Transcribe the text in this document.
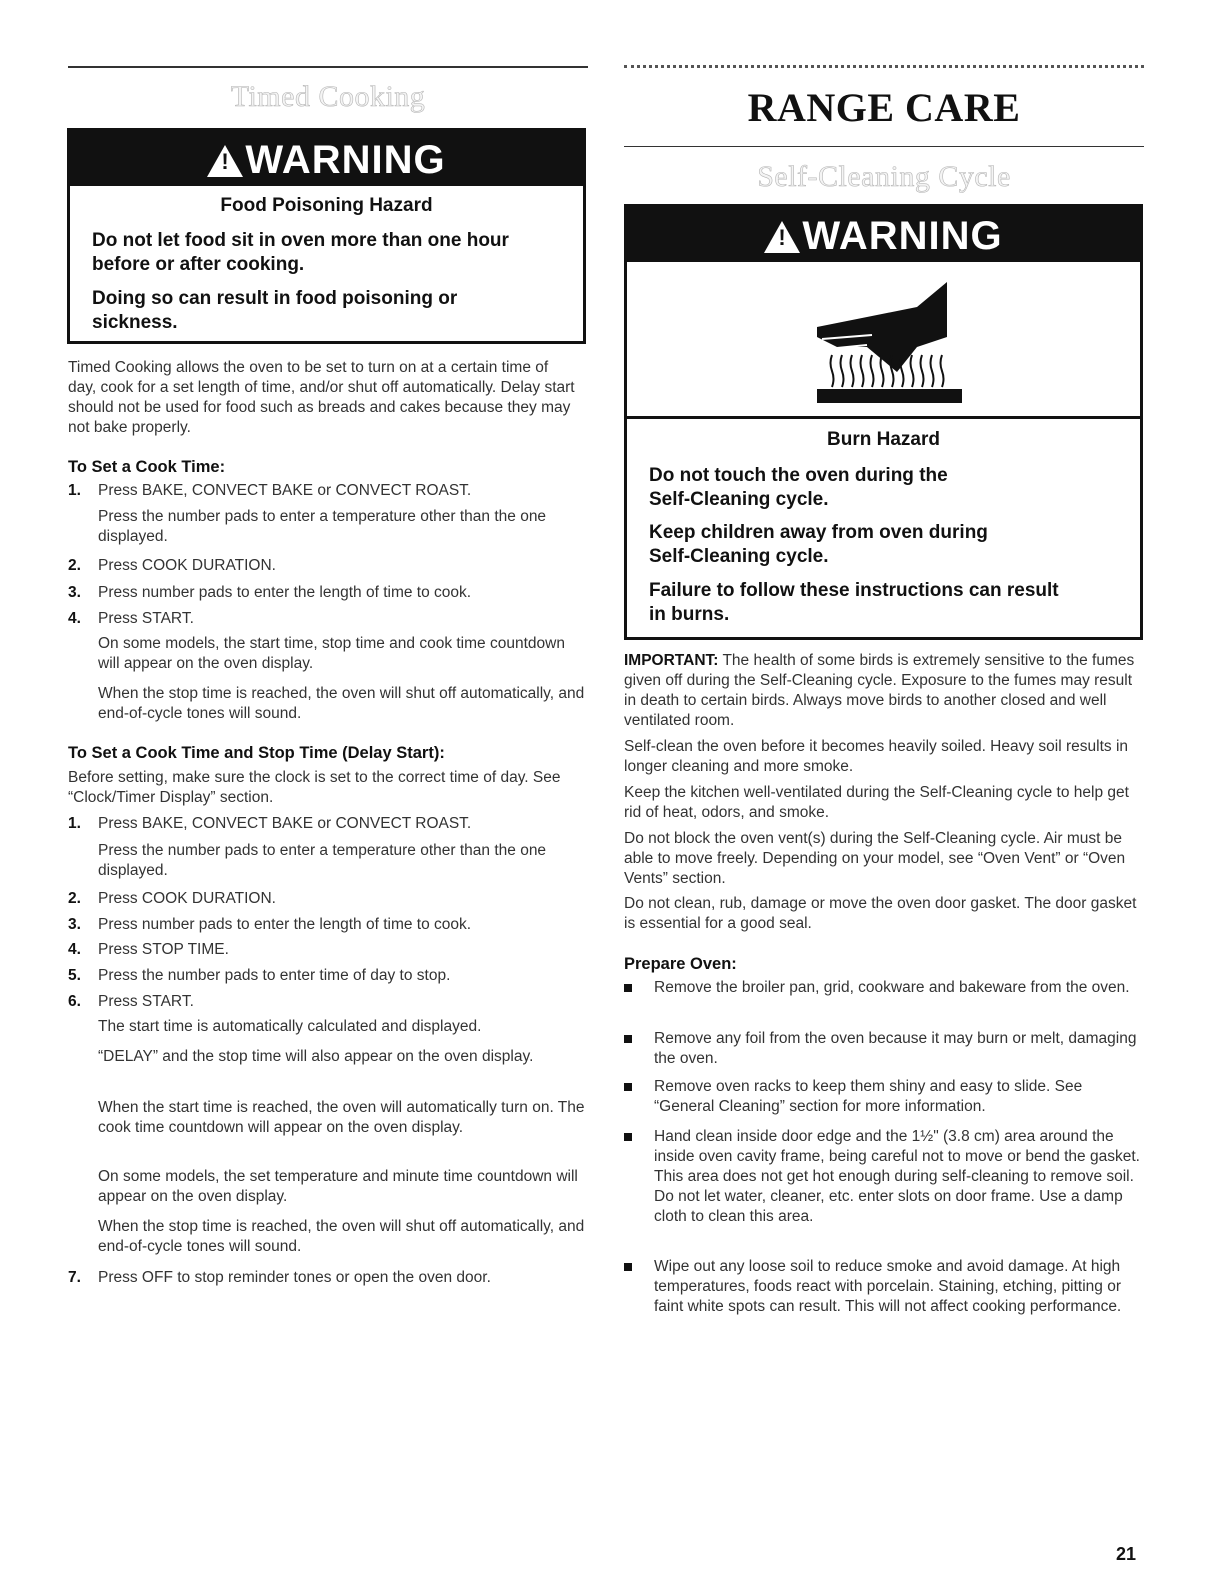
Timed Cooking
!WARNING
Food Poisoning Hazard
Do not let food sit in oven more than one hour
before or after cooking.
Doing so can result in food poisoning or
sickness.
Timed Cooking allows the oven to be set to turn on at a certain time of day, cook for a set length of time, and/or shut off automatically. Delay start should not be used for food such as breads and cakes because they may not bake properly.
To Set a Cook Time:
1. Press BAKE, CONVECT BAKE or CONVECT ROAST.
Press the number pads to enter a temperature other than the one displayed.
2. Press COOK DURATION.
3. Press number pads to enter the length of time to cook.
4. Press START.
On some models, the start time, stop time and cook time countdown will appear on the oven display.
When the stop time is reached, the oven will shut off automatically, and end-of-cycle tones will sound.
To Set a Cook Time and Stop Time (Delay Start):
Before setting, make sure the clock is set to the correct time of day. See “Clock/Timer Display” section.
1. Press BAKE, CONVECT BAKE or CONVECT ROAST.
Press the number pads to enter a temperature other than the one displayed.
2. Press COOK DURATION.
3. Press number pads to enter the length of time to cook.
4. Press STOP TIME.
5. Press the number pads to enter time of day to stop.
6. Press START.
The start time is automatically calculated and displayed.
“DELAY” and the stop time will also appear on the oven display.
When the start time is reached, the oven will automatically turn on. The cook time countdown will appear on the oven display.
On some models, the set temperature and minute time countdown will appear on the oven display.
When the stop time is reached, the oven will shut off automatically, and end-of-cycle tones will sound.
7. Press OFF to stop reminder tones or open the oven door.
RANGE CARE
Self-Cleaning Cycle
!WARNING
Burn Hazard
Do not touch the oven during the
Self-Cleaning cycle.
Keep children away from oven during
Self-Cleaning cycle.
Failure to follow these instructions can result
in burns.
IMPORTANT: The health of some birds is extremely sensitive to the fumes given off during the Self-Cleaning cycle. Exposure to the fumes may result in death to certain birds. Always move birds to another closed and well ventilated room.
Self-clean the oven before it becomes heavily soiled. Heavy soil results in longer cleaning and more smoke.
Keep the kitchen well-ventilated during the Self-Cleaning cycle to help get rid of heat, odors, and smoke.
Do not block the oven vent(s) during the Self-Cleaning cycle. Air must be able to move freely. Depending on your model, see “Oven Vent” or “Oven Vents” section.
Do not clean, rub, damage or move the oven door gasket. The door gasket is essential for a good seal.
Prepare Oven:
Remove the broiler pan, grid, cookware and bakeware from the oven.
Remove any foil from the oven because it may burn or melt, damaging the oven.
Remove oven racks to keep them shiny and easy to slide. See “General Cleaning” section for more information.
Hand clean inside door edge and the 1½" (3.8 cm) area around the inside oven cavity frame, being careful not to move or bend the gasket. This area does not get hot enough during self-cleaning to remove soil. Do not let water, cleaner, etc. enter slots on door frame. Use a damp cloth to clean this area.
Wipe out any loose soil to reduce smoke and avoid damage. At high temperatures, foods react with porcelain. Staining, etching, pitting or faint white spots can result. This will not affect cooking performance.
21
